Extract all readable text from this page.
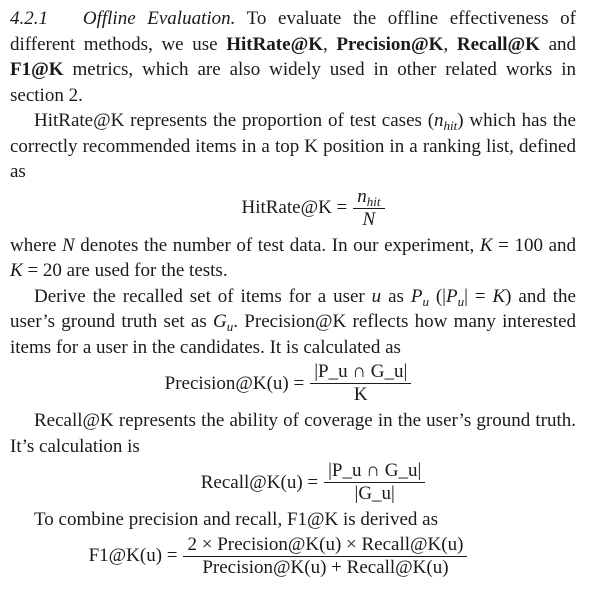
4.2.1 Offline Evaluation. To evaluate the offline effectiveness of different methods, we use HitRate@K, Precision@K, Recall@K and F1@K metrics, which are also widely used in other related works in section 2.

HitRate@K represents the proportion of test cases $(n_{hit})$ which has the correctly recommended items in a top K position in a ranking list, defined as

HitRate@K = $\frac{n_{hit}}{N}$

where N denotes the number of test data. In our experiment, K = 100 and K = 20 are used for the tests.

Derive the recalled set of items for a user u as $P_u$ $(|P_u| = K)$ and the user’s ground truth set as $G_u$. Precision@K reflects how many interested items for a user in the candidates. It is calculated as

Precision@K(u) = $\frac{|P\_u \cap G\_u|}{K}$

Recall@K represents the ability of coverage in the user’s ground truth. It’s calculation is

Recall@K(u) = $\frac{|P\_u \cap G\_u|}{|G\_u|}$

To combine precision and recall, F1@K is derived as

F1@K(u) = $\frac{\text{2 × Precision@K(u) × Recall@K(u)}}{\text{Precision@K(u) + Recall@K(u)}}$
